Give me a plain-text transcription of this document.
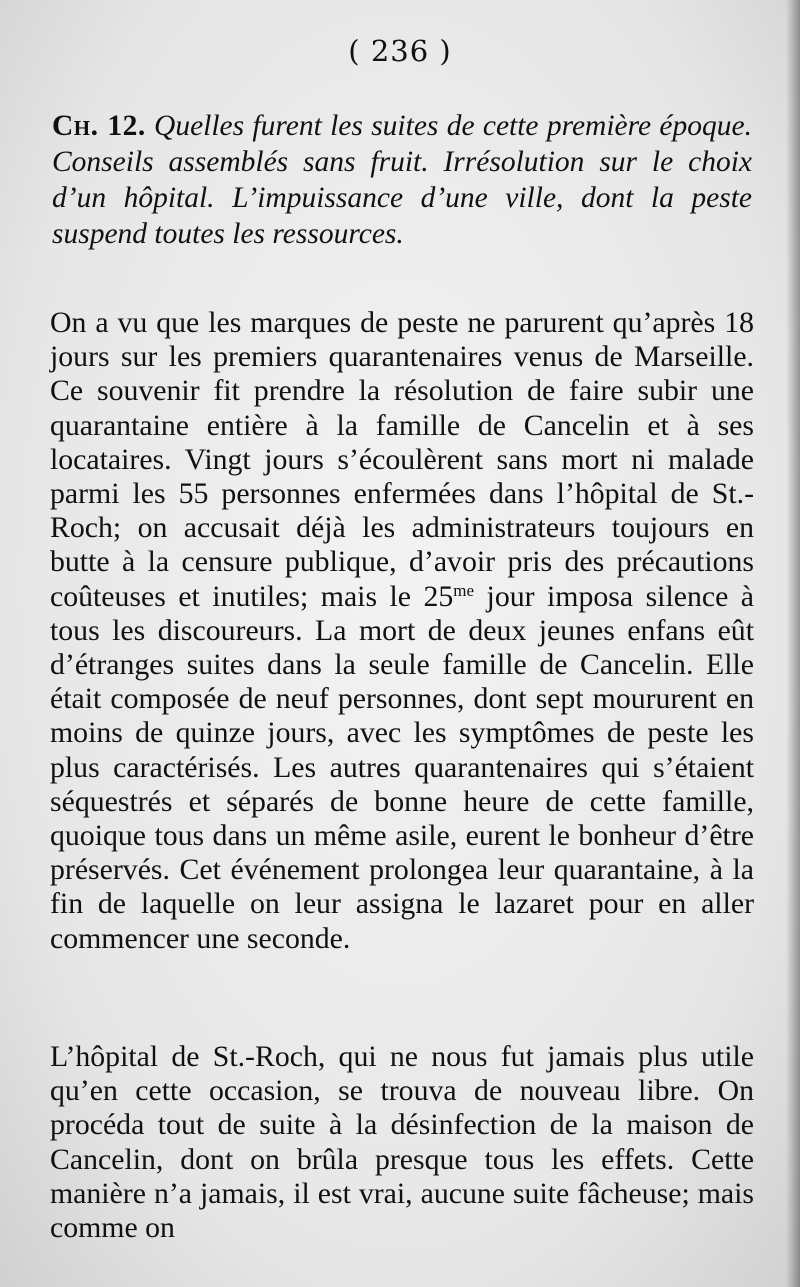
( 236 )

Ch. 12. Quelles furent les suites de cette première époque. Conseils assemblés sans fruit. Irrésolution sur le choix d’un hôpital. L’impuissance d’une ville, dont la peste suspend toutes les ressources.

On a vu que les marques de peste ne parurent qu’après 18 jours sur les premiers quarantenaires venus de Marseille. Ce souvenir fit prendre la résolution de faire subir une quarantaine entière à la famille de Cancelin et à ses locataires. Vingt jours s’écoulèrent sans mort ni malade parmi les 55 personnes enfermées dans l’hôpital de St.-Roch; on accusait déjà les administrateurs toujours en butte à la censure publique, d’avoir pris des précautions coûteuses et inutiles; mais le $25^{me}$ jour imposa silence à tous les discoureurs. La mort de deux jeunes enfans eût d’étranges suites dans la seule famille de Cancelin. Elle était composée de neuf personnes, dont sept moururent en moins de quinze jours, avec les symptômes de peste les plus caractérisés. Les autres quarantenaires qui s’étaient séquestrés et séparés de bonne heure de cette famille, quoique tous dans un même asile, eurent le bonheur d’être préservés. Cet événement prolongea leur quarantaine, à la fin de laquelle on leur assigna le lazaret pour en aller commencer une seconde.

L’hôpital de St.-Roch, qui ne nous fut jamais plus utile qu’en cette occasion, se trouva de nouveau libre. On procéda tout de suite à la désinfection de la maison de Cancelin, dont on brûla presque tous les effets. Cette manière n’a jamais, il est vrai, aucune suite fâcheuse; mais comme on
